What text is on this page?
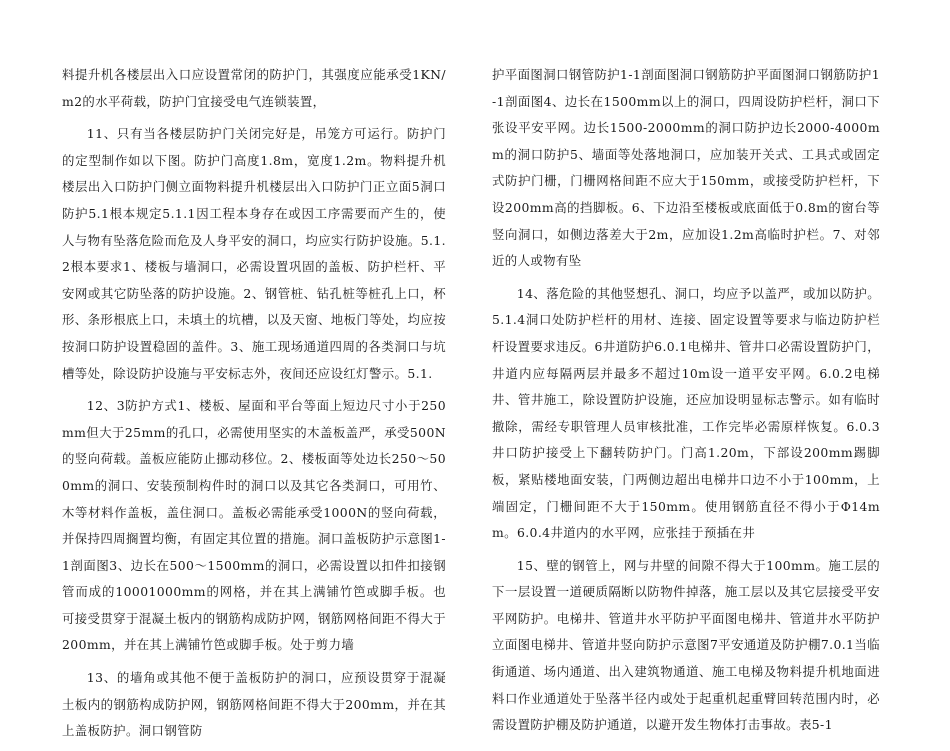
料提升机各楼层出入口应设置常闭的防护门，其强度应能承受1KN/m2的水平荷载，防护门宜接受电气连锁装置，

11、只有当各楼层防护门关闭完好是，吊笼方可运行。防护门的定型制作如以下图。防护门高度1.8m，宽度1.2m。物料提升机楼层出入口防护门侧立面物料提升机楼层出入口防护门正立面5洞口防护5.1根本规定5.1.1因工程本身存在或因工序需要而产生的，使人与物有坠落危险而危及人身平安的洞口，均应实行防护设施。5.1.2根本要求1、楼板与墙洞口，必需设置巩固的盖板、防护栏杆、平安网或其它防坠落的防护设施。2、钢管桩、钻孔桩等桩孔上口，杯形、条形根底上口，未填土的坑槽，以及天窗、地板门等处，均应按按洞口防护设置稳固的盖件。3、施工现场通道四周的各类洞口与坑槽等处，除设防护设施与平安标志外，夜间还应设红灯警示。5.1.

12、3防护方式1、楼板、屋面和平台等面上短边尺寸小于250mm但大于25mm的孔口，必需使用坚实的木盖板盖严，承受500N的竖向荷载。盖板应能防止挪动移位。2、楼板面等处边长250～500mm的洞口、安装预制构件时的洞口以及其它各类洞口，可用竹、木等材料作盖板，盖住洞口。盖板必需能承受1000N的竖向荷载，并保持四周搁置均衡，有固定其位置的措施。洞口盖板防护示意图1-1剖面图3、边长在500～1500mm的洞口，必需设置以扣件扣接钢管而成的10001000mm的网格，并在其上满铺竹笆或脚手板。也可接受贯穿于混凝土板内的钢筋构成防护网，钢筋网格间距不得大于200mm，并在其上满铺竹笆或脚手板。处于剪力墙

13、的墙角或其他不便于盖板防护的洞口，应预设贯穿于混凝土板内的钢筋构成防护网，钢筋网格间距不得大于200mm，并在其上盖板防护。洞口钢管防

护平面图洞口钢管防护1-1剖面图洞口钢筋防护平面图洞口钢筋防护1-1剖面图4、边长在1500mm以上的洞口，四周设防护栏杆，洞口下张设平安平网。边长1500-2000mm的洞口防护边长2000-4000mm的洞口防护5、墙面等处落地洞口，应加装开关式、工具式或固定式防护门栅，门栅网格间距不应大于150mm，或接受防护栏杆，下设200mm高的挡脚板。6、下边沿至楼板或底面低于0.8m的窗台等竖向洞口，如侧边落差大于2m，应加设1.2m高临时护栏。7、对邻近的人或物有坠

14、落危险的其他竖想孔、洞口，均应予以盖严，或加以防护。5.1.4洞口处防护栏杆的用材、连接、固定设置等要求与临边防护栏杆设置要求违反。6井道防护6.0.1电梯井、管井口必需设置防护门，井道内应每隔两层并最多不超过10m设一道平安平网。6.0.2电梯井、管井施工，除设置防护设施，还应加设明显标志警示。如有临时撤除，需经专职管理人员审核批准，工作完毕必需原样恢复。6.0.3井口防护接受上下翻转防护门。门高1.20m，下部设200mm踢脚板，紧贴楼地面安装，门两侧边超出电梯井口边不小于100mm，上端固定，门栅间距不大于150mm。使用钢筋直径不得小于Φ14mm。6.0.4井道内的水平网，应张挂于预插在井

15、壁的钢管上，网与井壁的间隙不得大于100mm。施工层的下一层设置一道硬质隔断以防物件掉落，施工层以及其它层接受平安平网防护。电梯井、管道井水平防护平面图电梯井、管道井水平防护立面图电梯井、管道井竖向防护示意图7平安通道及防护棚7.0.1当临街通道、场内通道、出入建筑物通道、施工电梯及物料提升机地面进料口作业通道处于坠落半径内或处于起重机起重臂回转范围内时，必需设置防护棚及防护通道，以避开发生物体打击事故。表5-1
